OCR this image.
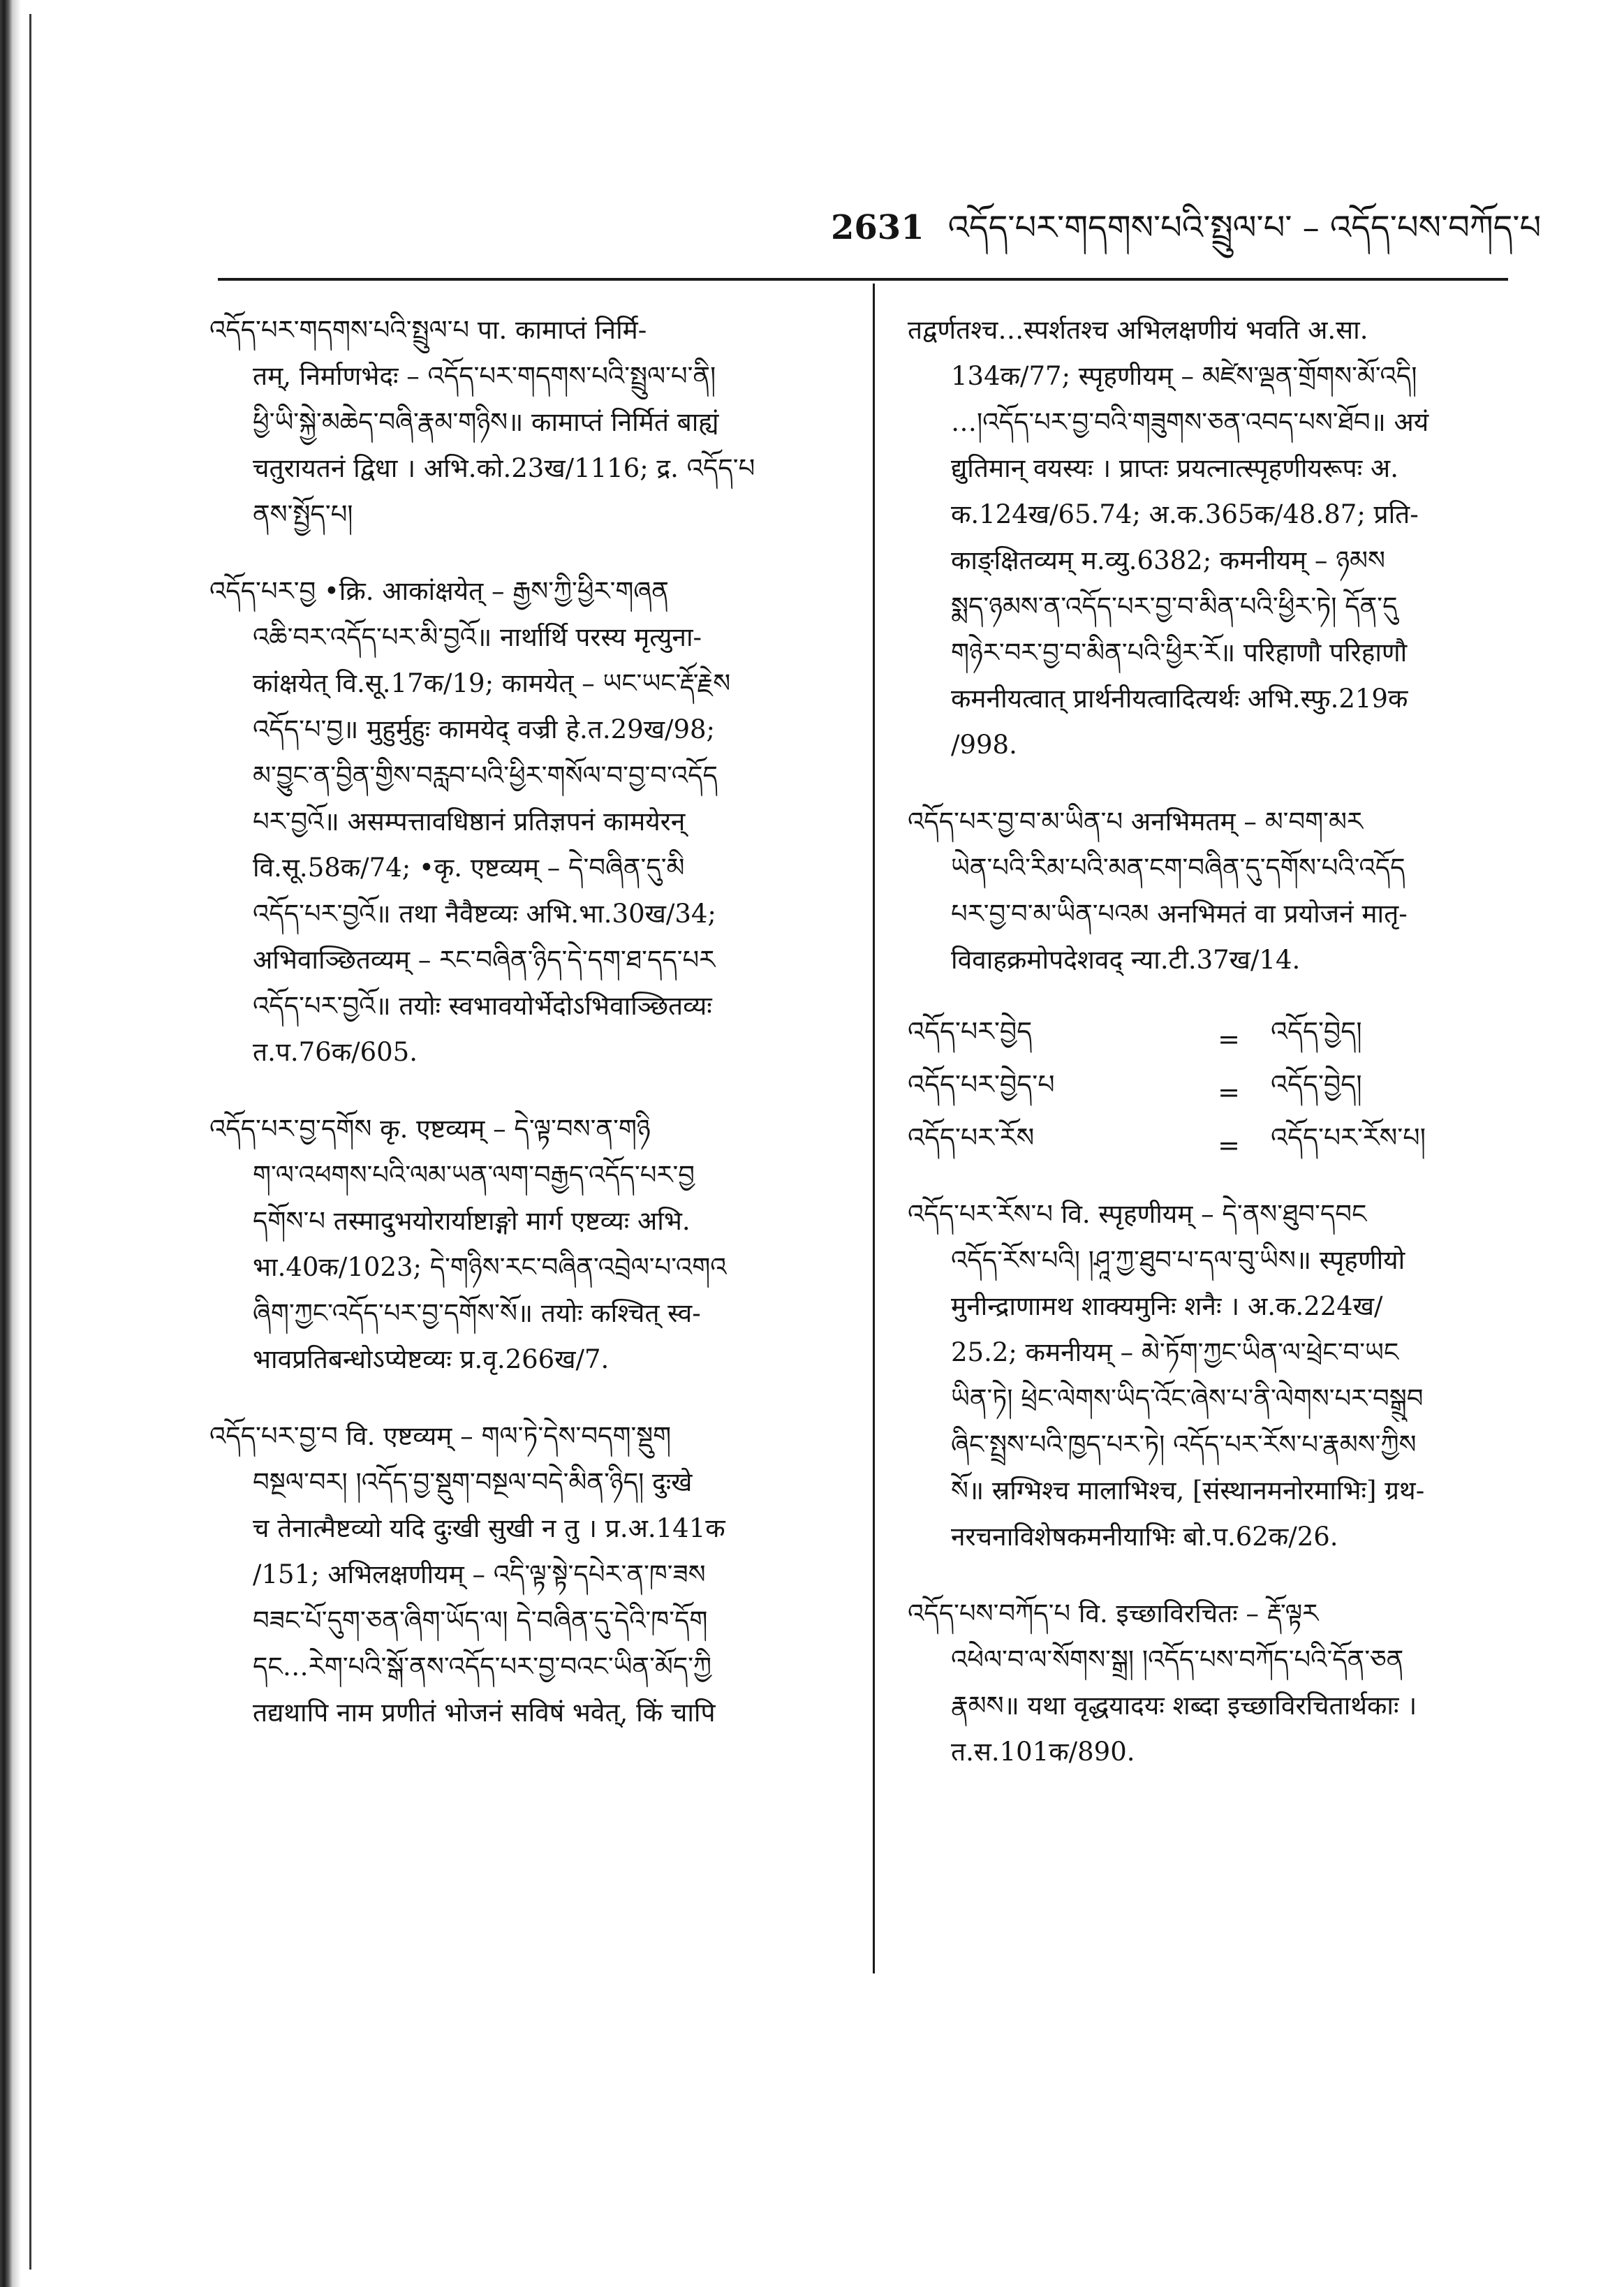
2631 འདོད་པར་གདགས་པའི་སྤྲུལ་པ་ – འདོད་པས་བཀོད་པ
འདོད་པར་གདགས་པའི་སྤྲུལ་པ पा. कामाप्तं निर्मि-
तम्, निर्माणभेदः – འདོད་པར་གདགས་པའི་སྤྲུལ་པ་ནི།
ཕྱི་ཡི་སྐྱེ་མཆེད་བཞི་རྣམ་གཉིས॥ कामाप्तं निर्मितं बाह्यं
चतुरायतनं द्विधा । अभि.को.23ख/1116; द्र. འདོད་པ
ནས་སྤྱོད་པ།
འདོད་པར་བྱ •क्रि. आकांक्षयेत् – རྒྱས་ཀྱི་ཕྱིར་གཞན
འཆི་བར་འདོད་པར་མི་བྱའོ॥ नार्थार्थि परस्य मृत्युना-
कांक्षयेत् वि.सू.17क/19; कामयेत् – ཡང་ཡང་རྡོ་རྗེས
འདོད་པ་བྱ॥ मुहुर्मुहुः कामयेद् वज्री हे.त.29ख/98;
མ་བྱུང་ན་བྱིན་གྱིས་བརླབ་པའི་ཕྱིར་གསོལ་བ་བྱ་བ་འདོད
པར་བྱའོ॥ असम्पत्तावधिष्ठानं प्रतिज्ञपनं कामयेरन्
वि.सू.58क/74; •कृ. एष्टव्यम् – དེ་བཞིན་དུ་མི
འདོད་པར་བྱའོ॥ तथा नैवैष्टव्यः अभि.भा.30ख/34;
अभिवाञ्छितव्यम् – རང་བཞིན་ཉིད་དེ་དག་ཐ་དད་པར
འདོད་པར་བྱའོ॥ तयोः स्वभावयोर्भेदोऽभिवाञ्छितव्यः
त.प.76क/605.
འདོད་པར་བྱ་དགོས कृ. एष्टव्यम् – དེ་ལྟ་བས་ན་གཉི
ག་ལ་འཕགས་པའི་ལམ་ཡན་ལག་བརྒྱད་འདོད་པར་བྱ
དགོས་པ तस्मादुभयोरार्याष्टाङ्गो मार्ग एष्टव्यः अभि.
भा.40क/1023; དེ་གཉིས་རང་བཞིན་འབྲེལ་པ་འགའ
ཞིག་ཀྱང་འདོད་པར་བྱ་དགོས་སོ॥ तयोः कश्चित् स्व-
भावप्रतिबन्धोऽप्येष्टव्यः प्र.वृ.266ख/7.
འདོད་པར་བྱ་བ वि. एष्टव्यम् – གལ་ཏེ་དེས་བདག་སྡུག
བསྔལ་བར། །འདོད་བྱ་སྡུག་བསྔལ་བདེ་མིན་ཉིད། दुःखे
च तेनात्मैष्टव्यो यदि दुःखी सुखी न तु । प्र.अ.141क
/151; अभिलक्षणीयम् – འདི་ལྟ་སྟེ་དཔེར་ན་ཁ་ཟས
བཟང་པོ་དུག་ཅན་ཞིག་ཡོད་ལ། དེ་བཞིན་དུ་དེའི་ཁ་དོག
དང…རེག་པའི་སྒོ་ནས་འདོད་པར་བྱ་བའང་ཡིན་མོད་ཀྱི
तद्यथापि नाम प्रणीतं भोजनं सविषं भवेत्, किं चापि
तद्वर्णतश्च…स्पर्शतश्च अभिलक्षणीयं भवति अ.सा.
134क/77; स्पृहणीयम् – མཛེས་ལྡན་གྲོགས་མོ་འདི།
…།འདོད་པར་བྱ་བའི་གཟུགས་ཅན་འབད་པས་ཐོབ॥ अयं
द्युतिमान् वयस्यः । प्राप्तः प्रयत्नात्स्पृहणीयरूपः अ.
क.124ख/65.74; अ.क.365क/48.87; प्रति-
काङ्क्षितव्यम् म.व्यु.6382; कमनीयम् – ཉམས
སྨད་ཉམས་ན་འདོད་པར་བྱ་བ་མིན་པའི་ཕྱིར་ཏེ། དོན་དུ
གཉེར་བར་བྱ་བ་མིན་པའི་ཕྱིར་རོ॥ परिहाणौ परिहाणौ
कमनीयत्वात् प्रार्थनीयत्वादित्यर्थः अभि.स्फु.219क
/998.
འདོད་པར་བྱ་བ་མ་ཡིན་པ अनभिमतम् – མ་བག་མར
ཡེན་པའི་རིམ་པའི་མན་ངག་བཞིན་དུ་དགོས་པའི་འདོད
པར་བྱ་བ་མ་ཡིན་པའམ अनभिमतं वा प्रयोजनं मातृ-
विवाहक्रमोपदेशवद् न्या.टी.37ख/14.
འདོད་པར་བྱེད	=	འདོད་བྱེད།
འདོད་པར་བྱེད་པ	=	འདོད་བྱེད།
འདོད་པར་རོས	=	འདོད་པར་རོས་པ།
འདོད་པར་རོས་པ वि. स्पृहणीयम् – དེ་ནས་ཐུབ་དབང
འདོད་རོས་པའི། །ཤཱ་ཀྱ་ཐུབ་པ་དལ་བུ་ཡིས॥ स्पृहणीयो
मुनीन्द्राणामथ शाक्यमुनिः शनैः । अ.क.224ख/
25.2; कमनीयम् – མེ་ཏོག་ཀྱང་ཡིན་ལ་ཕྲེང་བ་ཡང
ཡིན་ཏེ། ཕྲེང་ལེགས་ཡིད་འོང་ཞེས་པ་ནི་ལེགས་པར་བསྒྲུབ
ཞིང་སྤྲས་པའི་ཁྱད་པར་ཏེ། འདོད་པར་རོས་པ་རྣམས་ཀྱིས
སོ॥ स्रग्भिश्च मालाभिश्च, [संस्थानमनोरमाभिः] ग्रथ-
नरचनाविशेषकमनीयाभिः बो.प.62क/26.
འདོད་པས་བཀོད་པ वि. इच्छाविरचितः – རྡོ་ལྟར
འཕེལ་བ་ལ་སོགས་སྒྲ། །འདོད་པས་བཀོད་པའི་དོན་ཅན
རྣམས॥ यथा वृद्धयादयः शब्दा इच्छाविरचितार्थकाः ।
त.स.101क/890.
